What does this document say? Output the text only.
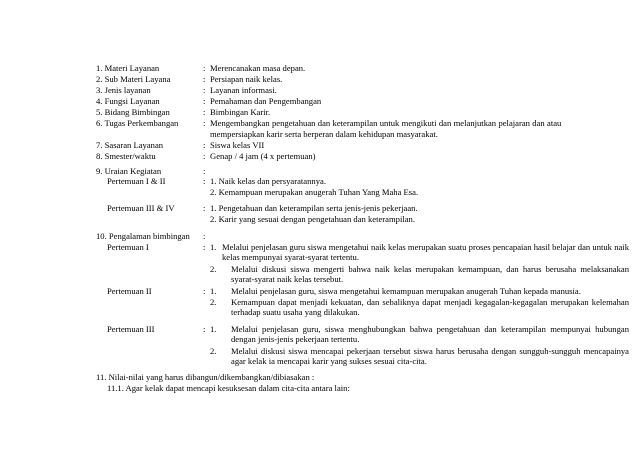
1. Materi Layanan	: Merencanakan masa depan.
2. Sub Materi Layana	: Persiapan naik kelas.
3. Jenis layanan	: Layanan informasi.
4. Fungsi Layanan	: Pemahaman dan Pengembangan
5. Bidang Bimbingan	: Bimbingan Karir.
6. Tugas Perkembangan	: Mengembangkan pengetahuan dan keterampilan untuk mengikuti dan melanjutkan pelajaran dan atau
mempersiapkan karir serta berperan dalam kehidupan masyarakat.
7. Sasaran Layanan	: Siswa kelas VII
8. Smester/waktu	: Genap / 4 jam (4 x pertemuan)
9. Uraian Kegiatan	:
Pertemuan I & II	: 1. Naik kelas dan persyaratannya.
2. Kemampuan merupakan anugerah Tuhan Yang Maha Esa.
Pertemuan III & IV	: 1. Pengetahuan dan keterampilan serta jenis-jenis pekerjaan.
2. Karir yang sesuai dengan pengetahuan dan keterampilan.
10. Pengalaman bimbingan :
Pertemuan I	: 1. Melalui penjelasan guru siswa mengetahui naik kelas merupakan suatu proses pencapaian hasil belajar dan untuk naik kelas mempunyai syarat-syarat tertentu.
2. Melalui diskusi siswa mengerti bahwa naik kelas merupakan kemampuan, dan harus berusaha melaksanakan syarat-syarat naik kelas tersebut.
Pertemuan II	: 1. Melalui penjelasan guru, siswa mengetahui kemampuan merupakan anugerah Tuhan kepada manusia.
2. Kemampuan dapat menjadi kekuatan, dan sebaliknya dapat menjadi kegagalan-kegagalan merupakan kelemahan terhadap suatu usaha yang dilakukan.
Pertemuan III	: 1. Melalui penjelasan guru, siswa menghubungkan bahwa pengetahuan dan keterampilan mempunyai hubungan dengan jenis-jenis pekerjaan tertentu.
2. Melalui diskusi siswa mencapai pekerjaan tersebut siswa harus berusaha dengan sungguh-sungguh mencapainya agar kelak ia mencapai karir yang sukses sesuai cita-cita.
11. Nilai-nilai yang harus dibangun/dikembangkan/dibiasakan :
11.1. Agar kelak dapat mencapi kesuksesan dalam cita-cita antara lain:
